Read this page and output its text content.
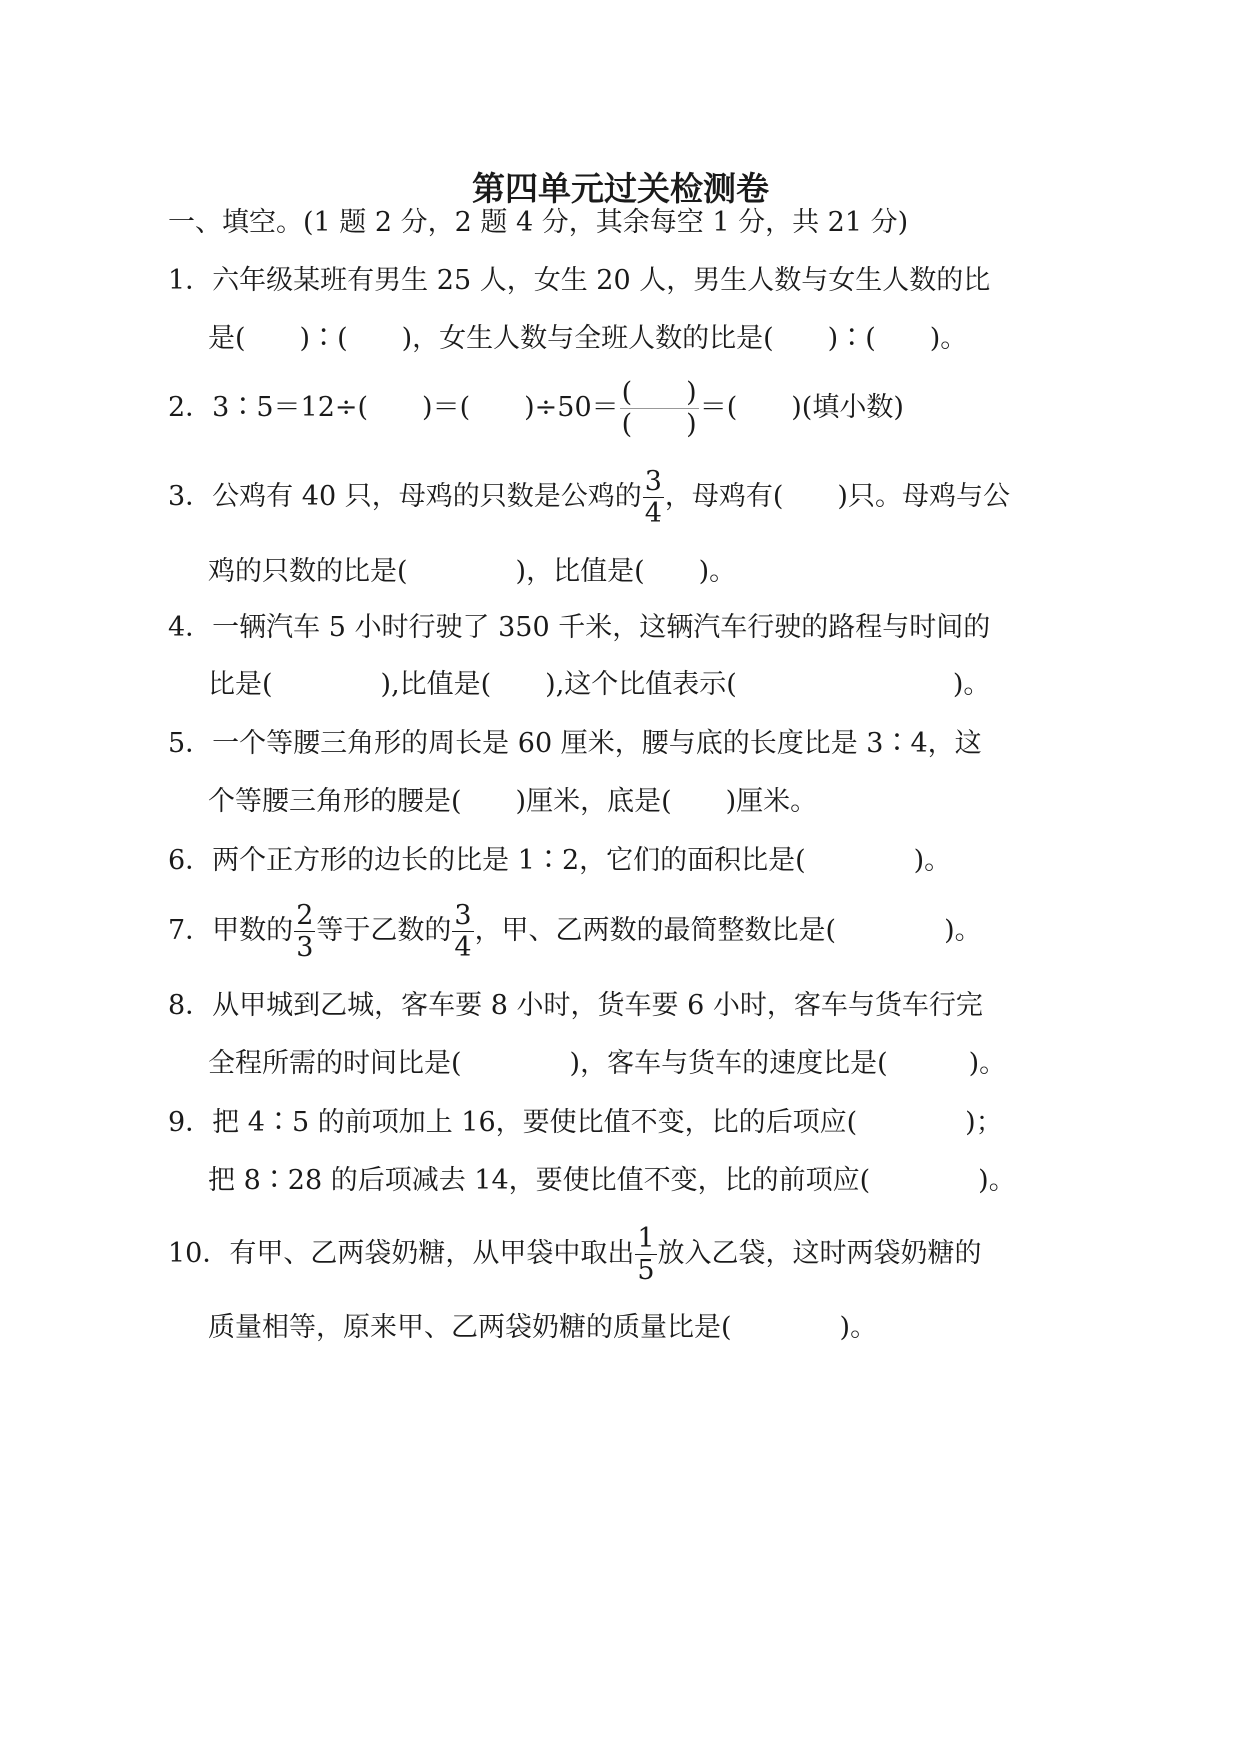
第四单元过关检测卷
一、填空。(1 题 2 分，2 题 4 分，其余每空 1 分，共 21 分)
1．六年级某班有男生 25 人，女生 20 人，男生人数与女生人数的比
是(　　)∶(　　)，女生人数与全班人数的比是(　　)∶(　　)。
2．3∶5＝12÷(　　)＝(　　)$\div 50= \frac{( )}{( )}$ ＝(　　)(填小数)
3．公鸡有 40 只，母鸡的只数是公鸡的 $\frac{3}{4}$ ，母鸡有(　　)只。母鸡与公
鸡的只数的比是(　　　　)，比值是(　　)。
4．一辆汽车 5 小时行驶了 350 千米，这辆汽车行驶的路程与时间的
比是(　　　　),比值是(　　),这个比值表示(　　　　　　　　)。
5．一个等腰三角形的周长是 60 厘米，腰与底的长度比是 3∶4，这
个等腰三角形的腰是(　　)厘米，底是(　　)厘米。
6．两个正方形的边长的比是 1∶2，它们的面积比是(　　　　)。
7．甲数的 $\frac{2}{3}$ 等于乙数的 $\frac{3}{4}$ ，甲、乙两数的最简整数比是(　　　　)。
8．从甲城到乙城，客车要 8 小时，货车要 6 小时，客车与货车行完
全程所需的时间比是(　　　　)，客车与货车的速度比是(　　　)。
9．把 4∶5 的前项加上 16，要使比值不变，比的后项应(　　　　)；
把 8∶28 的后项减去 14，要使比值不变，比的前项应(　　　　)。
10．有甲、乙两袋奶糖，从甲袋中取出 $\frac{1}{5}$ 放入乙袋，这时两袋奶糖的
质量相等，原来甲、乙两袋奶糖的质量比是(　　　　)。
